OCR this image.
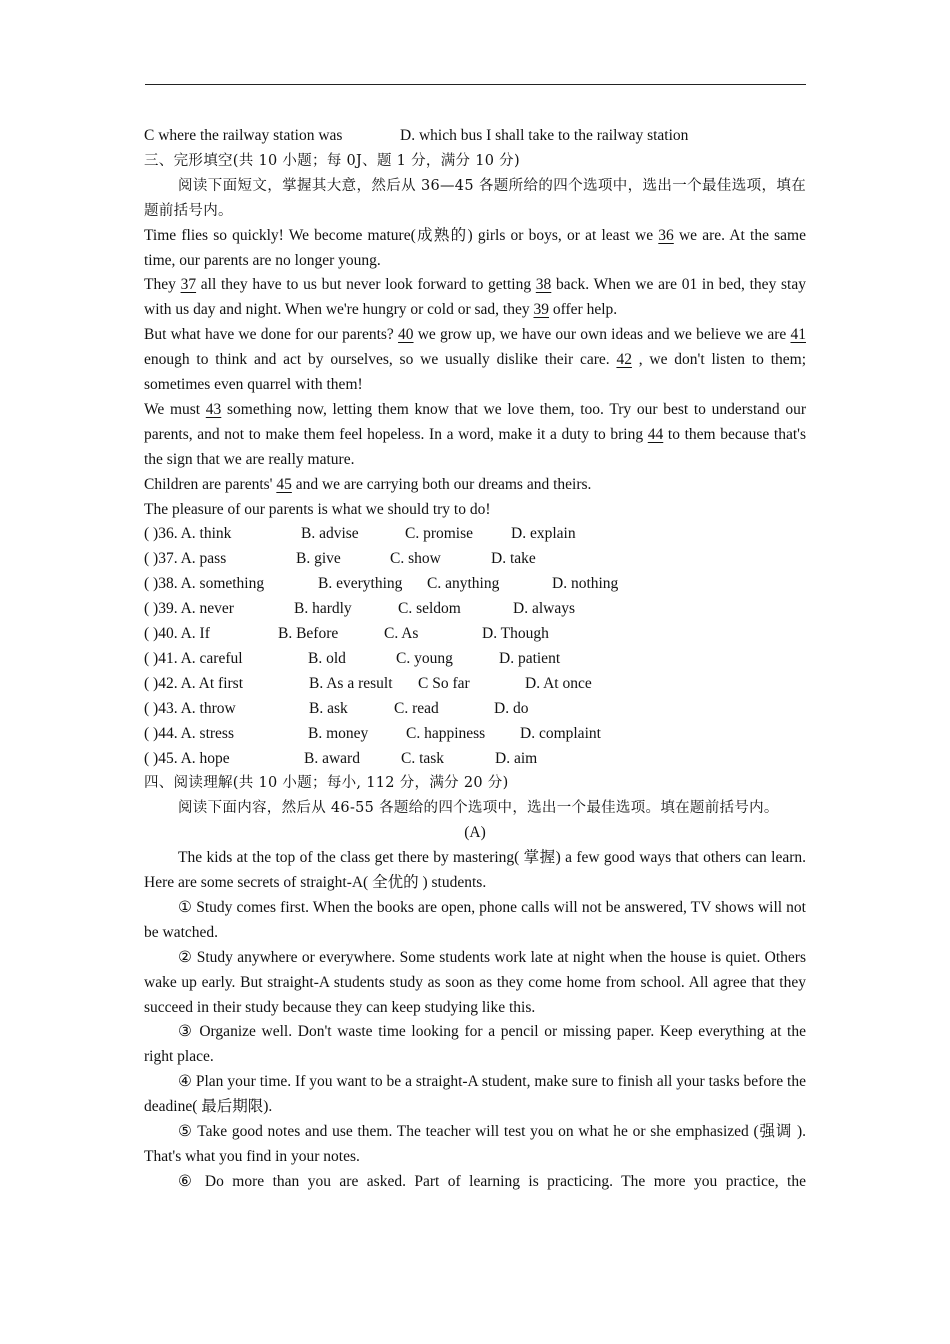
C where the railway station was	D. which bus I shall take to the railway station
三、完形填空(共 10 小题；每 0J、题 1 分，满分 10 分)
阅读下面短文，掌握其大意，然后从 36—45 各题所给的四个选项中，选出一个最佳选项，填在题前括号内。
Time flies so quickly! We become mature(成熟的) girls or boys, or at least we 36 we are. At the same time, our parents are no longer young.
They 37 all they have to us but never look forward to getting 38 back. When we are 01 in bed, they stay with us day and night. When we're hungry or cold or sad, they 39 offer help.
But what have we done for our parents? 40 we grow up, we have our own ideas and we believe we are 41 enough to think and act by ourselves, so we usually dislike their care. 42 , we don't listen to them; sometimes even quarrel with them!
We must 43 something now, letting them know that we love them, too. Try our best to understand our parents, and not to make them feel hopeless. In a word, make it a duty to bring 44 to them because that's the sign that we are really mature.
Children are parents' 45 and we are carrying both our dreams and theirs.
The pleasure of our parents is what we should try to do!
( )36. A. think	B. advise	C. promise D. explain
( )37. A. pass	B. give	C. show	D. take
( )38. A. something	B. everything C. anything	D. nothing
( )39. A. never	B. hardly	C. seldom	D. always
( )40. A. If	B. Before	C. As	D. Though
( )41. A. careful	B. old	C. young	D. patient
( )42. A. At first	B. As a result C So far	D. At once
( )43. A. throw	B. ask	C. read	D. do
( )44. A. stress	B. money C. happiness D. complaint
( )45. A. hope	B. award	C. task	D. aim
四、阅读理解(共 10 小题；每小, 112 分，满分 20 分)
阅读下面内容，然后从 46-55 各题给的四个选项中，选出一个最佳选项。填在题前括号内。
(A)
The kids at the top of the class get there by mastering( 掌握) a few good ways that others can learn. Here are some secrets of straight-A( 全优的 ) students.
① Study comes first. When the books are open, phone calls will not be answered, TV shows will not be watched.
② Study anywhere or everywhere. Some students work late at night when the house is quiet. Others wake up early. But straight-A students study as soon as they come home from school. All agree that they succeed in their study because they can keep studying like this.
③ Organize well. Don't waste time looking for a pencil or missing paper. Keep everything at the right place.
④ Plan your time. If you want to be a straight-A student, make sure to finish all your tasks before the deadine( 最后期限).
⑤ Take good notes and use them. The teacher will test you on what he or she emphasized (强调 ). That's what you find in your notes.
⑥ Do more than you are asked. Part of learning is practicing. The more you practice, the
